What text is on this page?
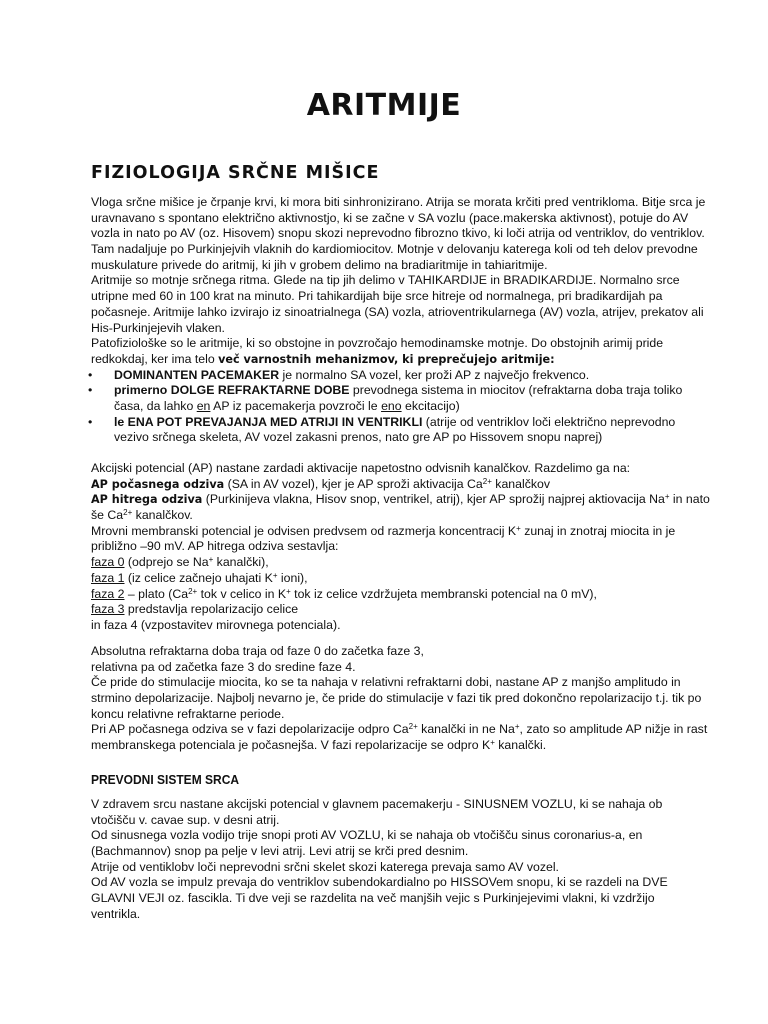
ARITMIJE
FIZIOLOGIJA SRČNE MIŠICE
Vloga srčne mišice je črpanje krvi, ki mora biti sinhronizirano. Atrija se morata krčiti pred ventrikloma. Bitje srca je
uravnavano s spontano električno aktivnostjo, ki se začne v SA vozlu (pace.makerska aktivnost), potuje do AV
vozla in nato po AV (oz. Hisovem) snopu skozi neprevodno fibrozno tkivo, ki loči atrija od ventriklov, do ventriklov.
Tam nadaljuje po Purkinjejvih vlaknih do kardiomiocitov. Motnje v delovanju katerega koli od teh delov prevodne
muskulature privede do aritmij, ki jih v grobem delimo na bradiaritmije in tahiaritmije.
Aritmije so motnje srčnega ritma. Glede na tip jih delimo v TAHIKARDIJE in BRADIKARDIJE. Normalno srce
utripne med 60 in 100 krat na minuto. Pri tahikardijah bije srce hitreje od normalnega, pri bradikardijah pa
počasneje. Aritmije lahko izvirajo iz sinoatrialnega (SA) vozla, atrioventrikularnega (AV) vozla, atrijev, prekatov ali
His-Purkinjejevih vlaken.
Patofiziološke so le aritmije, ki so obstojne in povzročajo hemodinamske motnje. Do obstojnih arimij pride
redkokdaj, ker ima telo več varnostnih mehanizmov, ki preprečujejo aritmije:
• DOMINANTEN PACEMAKER je normalno SA vozel, ker proži AP z največjo frekvenco.
• primerno DOLGE REFRAKTARNE DOBE prevodnega sistema in miocitov (refraktarna doba traja toliko
časa, da lahko en AP iz pacemakerja povzroči le eno ekcitacijo)
• le ENA POT PREVAJANJA MED ATRIJI IN VENTRIKLI (atrije od ventriklov loči električno neprevodno
vezivo srčnega skeleta, AV vozel zakasni prenos, nato gre AP po Hissovem snopu naprej)
Akcijski potencial (AP) nastane zardadi aktivacije napetostno odvisnih kanalčkov. Razdelimo ga na:
AP počasnega odziva (SA in AV vozel), kjer je AP sproži aktivacija $Ca^{2+}$ kanalčkov
AP hitrega odziva (Purkinijeva vlakna, Hisov snop, ventrikel, atrij), kjer AP sprožij najprej aktiovacija Na+ in nato
še $Ca^{2+}$ kanalčkov.
Mrovni membranski potencial je odvisen predvsem od razmerja koncentracij K+ zunaj in znotraj miocita in je
približno –90 mV. AP hitrega odziva sestavlja:
faza 0 (odprejo se Na+ kanalčki),
faza 1 (iz celice začnejo uhajati K+ ioni),
faza 2 – plato ($Ca^{2+}$ tok v celico in K+ tok iz celice vzdržujeta membranski potencial na 0 mV),
faza 3 predstavlja repolarizacijo celice
in faza 4 (vzpostavitev mirovnega potenciala).
Absolutna refraktarna doba traja od faze 0 do začetka faze 3,
relativna pa od začetka faze 3 do sredine faze 4.
Če pride do stimulacije miocita, ko se ta nahaja v relativni refraktarni dobi, nastane AP z manjšo amplitudo in
strmino depolarizacije. Najbolj nevarno je, če pride do stimulacije v fazi tik pred dokončno repolarizacijo t.j. tik po
koncu relativne refraktarne periode.
Pri AP počasnega odziva se v fazi depolarizacije odpro $Ca^{2+}$ kanalčki in ne Na+, zato so amplitude AP nižje in rast
membranskega potenciala je počasnejša. V fazi repolarizacije se odpro K+ kanalčki.
PREVODNI SISTEM SRCA
V zdravem srcu nastane akcijski potencial v glavnem pacemakerju - SINUSNEM VOZLU, ki se nahaja ob
vtočišču v. cavae sup. v desni atrij.
Od sinusnega vozla vodijo trije snopi proti AV VOZLU, ki se nahaja ob vtočišču sinus coronarius-a, en
(Bachmannov) snop pa pelje v levi atrij. Levi atrij se krči pred desnim.
Atrije od ventiklobv loči neprevodni srčni skelet skozi katerega prevaja samo AV vozel.
Od AV vozla se impulz prevaja do ventriklov subendokardialno po HISSOVem snopu, ki se razdeli na DVE
GLAVNI VEJI oz. fascikla. Ti dve veji se razdelita na več manjših vejic s Purkinjejevimi vlakni, ki vzdržijo
ventrikla.
